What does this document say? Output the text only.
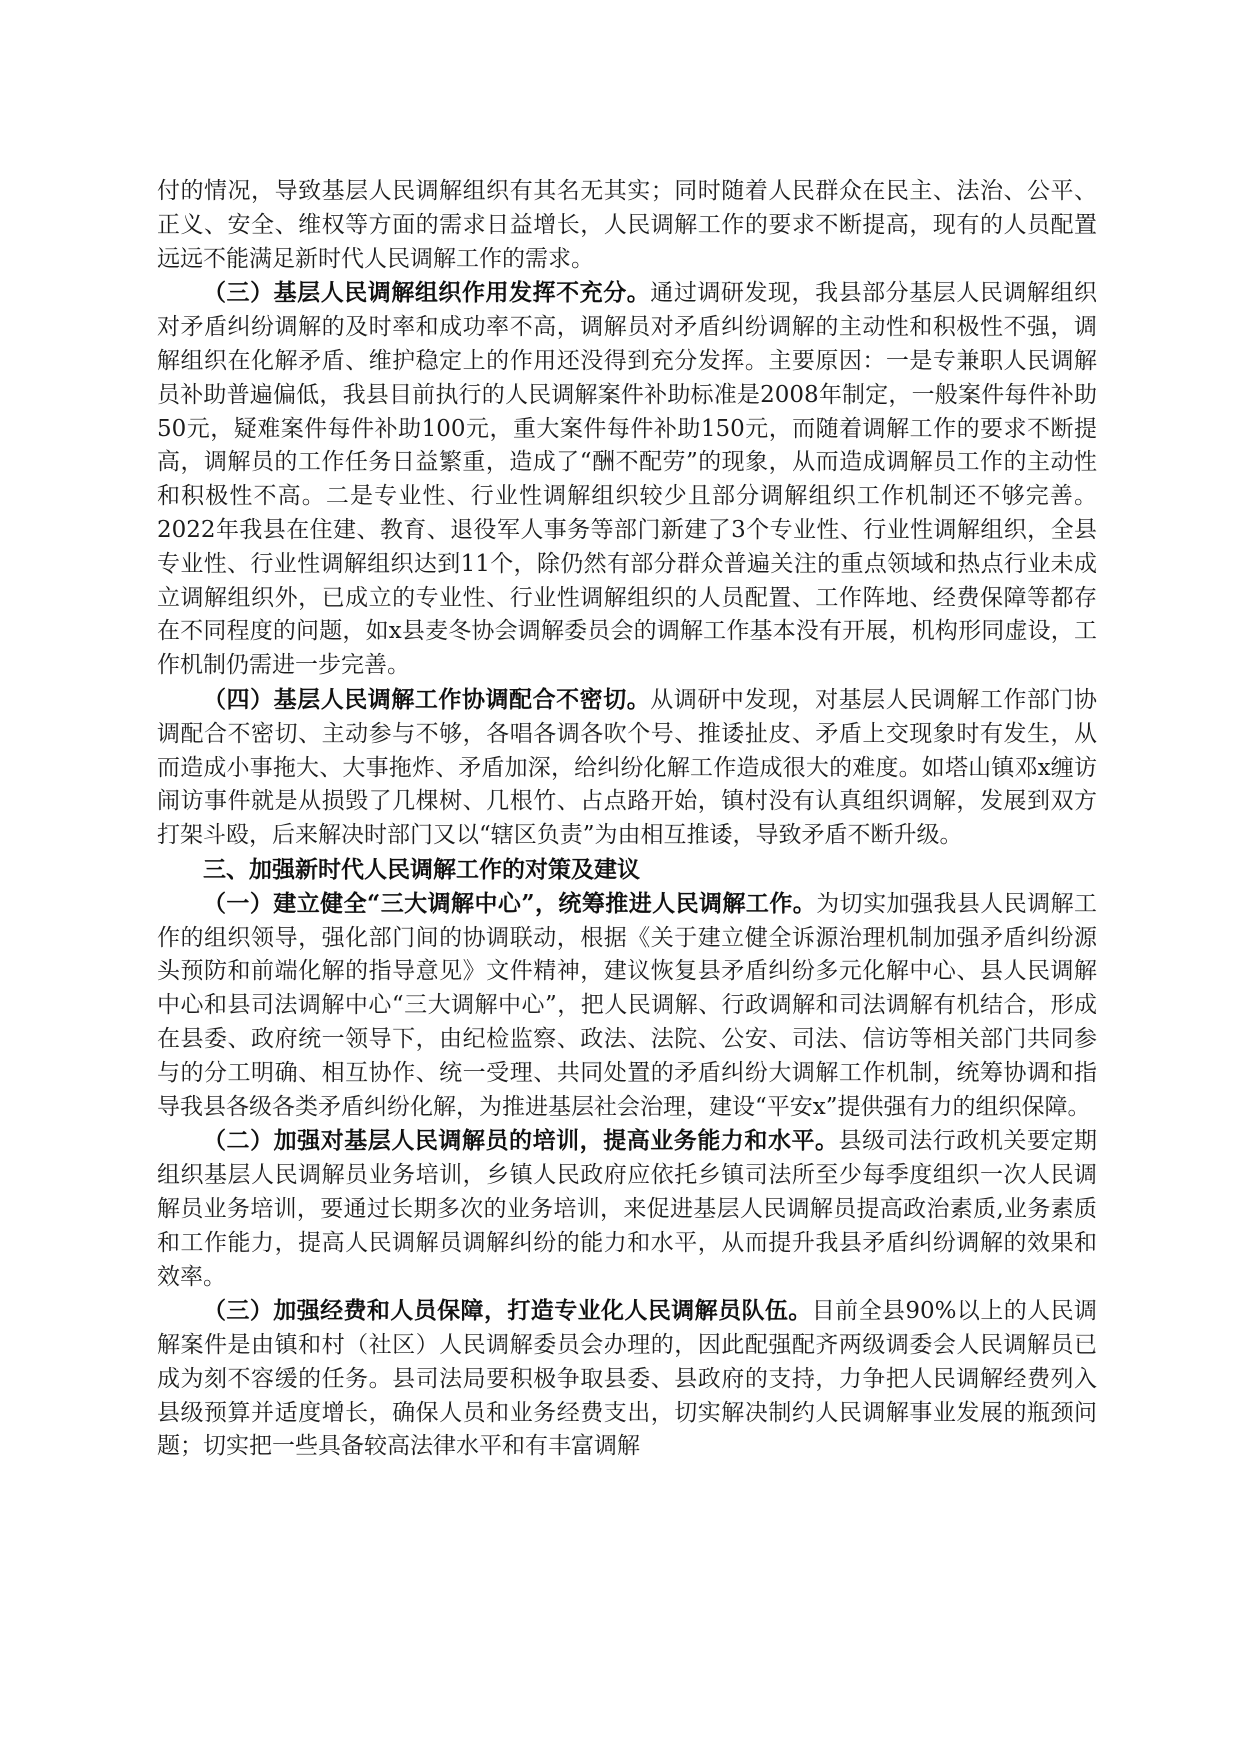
付的情况，导致基层人民调解组织有其名无其实；同时随着人民群众在民主、法治、公平、正义、安全、维权等方面的需求日益增长，人民调解工作的要求不断提高，现有的人员配置远远不能满足新时代人民调解工作的需求。

（三）基层人民调解组织作用发挥不充分。通过调研发现，我县部分基层人民调解组织对矛盾纠纷调解的及时率和成功率不高，调解员对矛盾纠纷调解的主动性和积极性不强，调解组织在化解矛盾、维护稳定上的作用还没得到充分发挥。主要原因：一是专兼职人民调解员补助普遍偏低，我县目前执行的人民调解案件补助标准是2008年制定，一般案件每件补助50元，疑难案件每件补助100元，重大案件每件补助150元，而随着调解工作的要求不断提高，调解员的工作任务日益繁重，造成了“酬不配劳”的现象，从而造成调解员工作的主动性和积极性不高。二是专业性、行业性调解组织较少且部分调解组织工作机制还不够完善。2022年我县在住建、教育、退役军人事务等部门新建了3个专业性、行业性调解组织，全县专业性、行业性调解组织达到11个，除仍然有部分群众普遍关注的重点领域和热点行业未成立调解组织外，已成立的专业性、行业性调解组织的人员配置、工作阵地、经费保障等都存在不同程度的问题，如x县麦冬协会调解委员会的调解工作基本没有开展，机构形同虚设，工作机制仍需进一步完善。

（四）基层人民调解工作协调配合不密切。从调研中发现，对基层人民调解工作部门协调配合不密切、主动参与不够，各唱各调各吹个号、推诿扯皮、矛盾上交现象时有发生，从而造成小事拖大、大事拖炸、矛盾加深，给纠纷化解工作造成很大的难度。如塔山镇邓x缠访闹访事件就是从损毁了几棵树、几根竹、占点路开始，镇村没有认真组织调解，发展到双方打架斗殴，后来解决时部门又以“辖区负责”为由相互推诿，导致矛盾不断升级。

三、加强新时代人民调解工作的对策及建议

（一）建立健全“三大调解中心”，统筹推进人民调解工作。为切实加强我县人民调解工作的组织领导，强化部门间的协调联动，根据《关于建立健全诉源治理机制加强矛盾纠纷源头预防和前端化解的指导意见》文件精神，建议恢复县矛盾纠纷多元化解中心、县人民调解中心和县司法调解中心“三大调解中心”，把人民调解、行政调解和司法调解有机结合，形成在县委、政府统一领导下，由纪检监察、政法、法院、公安、司法、信访等相关部门共同参与的分工明确、相互协作、统一受理、共同处置的矛盾纠纷大调解工作机制，统筹协调和指导我县各级各类矛盾纠纷化解，为推进基层社会治理，建设“平安x”提供强有力的组织保障。

（二）加强对基层人民调解员的培训，提高业务能力和水平。县级司法行政机关要定期组织基层人民调解员业务培训，乡镇人民政府应依托乡镇司法所至少每季度组织一次人民调解员业务培训，要通过长期多次的业务培训，来促进基层人民调解员提高政治素质,业务素质和工作能力，提高人民调解员调解纠纷的能力和水平，从而提升我县矛盾纠纷调解的效果和效率。

（三）加强经费和人员保障，打造专业化人民调解员队伍。目前全县90%以上的人民调解案件是由镇和村（社区）人民调解委员会办理的，因此配强配齐两级调委会人民调解员已成为刻不容缓的任务。县司法局要积极争取县委、县政府的支持，力争把人民调解经费列入县级预算并适度增长，确保人员和业务经费支出，切实解决制约人民调解事业发展的瓶颈问题；切实把一些具备较高法律水平和有丰富调解
